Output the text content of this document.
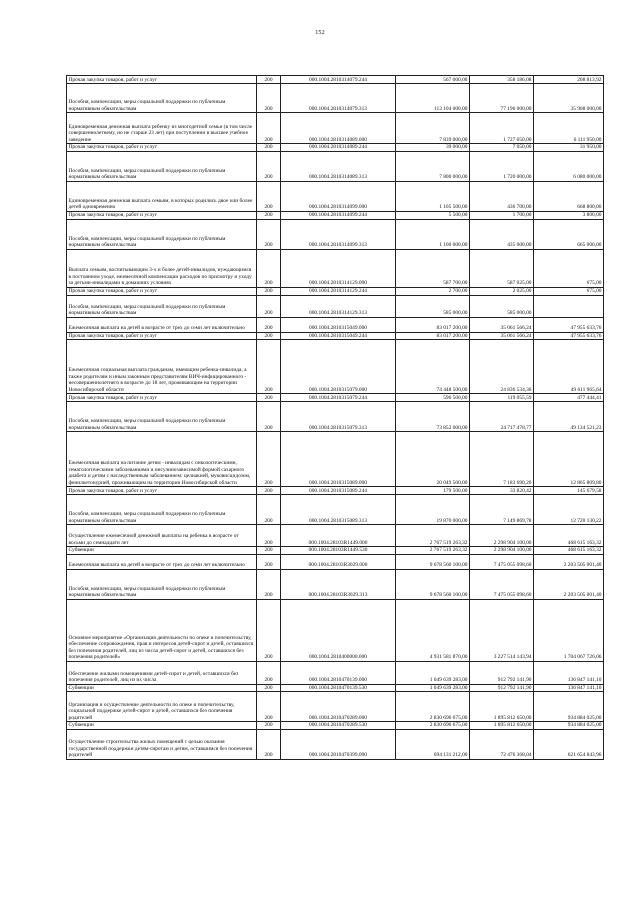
152
Прочая закупка товаров, работ и услуг	200	000.1004.2810314079.244	567 000,00	358 186,08	208 813,92
Пособия, компенсации, меры социальной поддержки по публичным нормативным обязательствам	200	000.1004.2810314079.313	113 104 000,00	77 196 000,00	35 908 000,00
Единовременная денежная выплата ребенку из многодетной семьи (в том числе совершеннолетнему, но не старше 23 лет) при поступлении в высшее учебное заведение	200	000.1004.2810314089.000	7 839 000,00	1 727 050,00	6 111 950,00
Прочая закупка товаров, работ и услуг	200	000.1004.2810314089.244	39 000,00	7 050,00	31 950,00
Пособия, компенсации, меры социальной поддержки по публичным нормативным обязательствам	200	000.1004.2810314089.313	7 800 000,00	1 720 000,00	6 080 000,00
Единовременная денежная выплата семьям, в которых родились двое или более детей одновременно	200	000.1004.2810314099.000	1 105 500,00	436 700,00	668 800,00
Прочая закупка товаров, работ и услуг	200	000.1004.2810314099.244	5 500,00	1 700,00	3 800,00
Пособия, компенсации, меры социальной поддержки по публичным нормативным обязательствам	200	000.1004.2810314099.313	1 100 000,00	435 000,00	665 000,00
Выплата семьям, воспитывающим 3-х и более детей-инвалидов, нуждающимся в постоянном уходе, ежемесячной компенсации расходов по присмотру и уходу за детьми-инвалидами в домашних условиях	200	000.1004.2810314129.000	587 700,00	587 025,00	675,00
Прочая закупка товаров, работ и услуг	200	000.1004.2810314129.244	2 700,00	2 025,00	675,00
Пособия, компенсации, меры социальной поддержки по публичным нормативным обязательствам	200	000.1004.2810314129.313	585 000,00	585 000,00	
Ежемесячная выплата на детей в возрасте от трех до семи лет включительно	200	000.1004.2810315049.000	83 017 200,00	35 061 566,24	47 955 633,76
Прочая закупка товаров, работ и услуг	200	000.1004.2810315049.244	83 017 200,00	35 061 566,24	47 955 633,76
Ежемесячная социальная выплата гражданам, имеющим ребенка-инвалида, а также родителям и иным законным представителям ВИЧ-инфицированного - несовершеннолетнего в возрасте до 18 лет, проживающим на территории Новосибирской области	200	000.1004.2810315079.000	74 448 500,00	24 836 534,36	49 611 965,64
Прочая закупка товаров, работ и услуг	200	000.1004.2810315079.244	596 500,00	119 055,59	477 444,41
Пособия, компенсации, меры социальной поддержки по публичным нормативным обязательствам	200	000.1004.2810315079.313	73 852 000,00	24 717 478,77	49 134 521,23
Ежемесячная выплата на питание детям - инвалидам с онкологическими, гематологическими заболеваниями и инсулинозависимой формой сахарного диабета и детям с наследственным заболеванием: целиакией, муковисцидозом, фенилкетонурией, проживающим на территории Новосибирской области	200	000.1004.2810315089.000	20 049 500,00	7 183 690,20	12 865 809,80
Прочая закупка товаров, работ и услуг	200	000.1004.2810315089.244	179 500,00	33 820,42	145 679,58
Пособия, компенсации, меры социальной поддержки по публичным нормативным обязательствам	200	000.1004.2810315089.313	19 870 000,00	7 149 869,78	12 720 130,22
Осуществление ежемесячной денежной выплаты на ребенка в возрасте от восьми до семнадцати лет	200	000.1004.28103R1449.000	2 767 519 263,32	2 298 904 100,00	468 615 163,32
Субвенции	200	000.1004.28103R1449.530	2 767 519 263,32	2 298 904 100,00	468 615 163,32
Ежемесячная выплата на детей в возрасте от трех до семи лет включительно	200	000.1004.28103R3029.000	9 678 560 100,00	7 475 055 098,60	2 203 505 001,40
Пособия, компенсации, меры социальной поддержки по публичным нормативным обязательствам	200	000.1004.28103R3029.313	9 678 560 100,00	7 475 055 098,60	2 203 505 001,40
Основное мероприятие «Организация деятельности по опеке и попечительству, обеспечение сопровождения, прав и интересов детей-сирот и детей, оставшихся без попечения родителей, лиц из числа детей-сирот и детей, оставшихся без попечения родителей»	200	000.1004.2810400000.000	4 931 581 870,00	3 227 514 143,94	1 704 067 726,06
Обеспечение жилыми помещениями детей-сирот и детей, оставшихся без попечения родителей, лиц из их числа	200	000.1004.2810470139.000	1 049 639 283,00	912 792 141,90	136 847 141,10
Субвенции	200	000.1004.2810470139.530	1 049 639 283,00	912 792 141,90	136 847 141,10
Организация и осуществление деятельности по опеке и попечительству, социальной поддержке детей-сирот и детей, оставшихся без попечения родителей	200	000.1004.2810470289.000	2 830 696 675,00	1 895 812 650,00	934 884 025,00
Субвенции	200	000.1004.2810470289.530	2 830 696 675,00	1 895 812 650,00	934 884 025,00
Осуществление строительства жилых помещений с целью оказания государственной поддержки детям-сиротам и детям, оставшимся без попечения родителей	200	000.1004.2810470399.000	694 131 212,00	72 476 368,04	621 654 843,96
